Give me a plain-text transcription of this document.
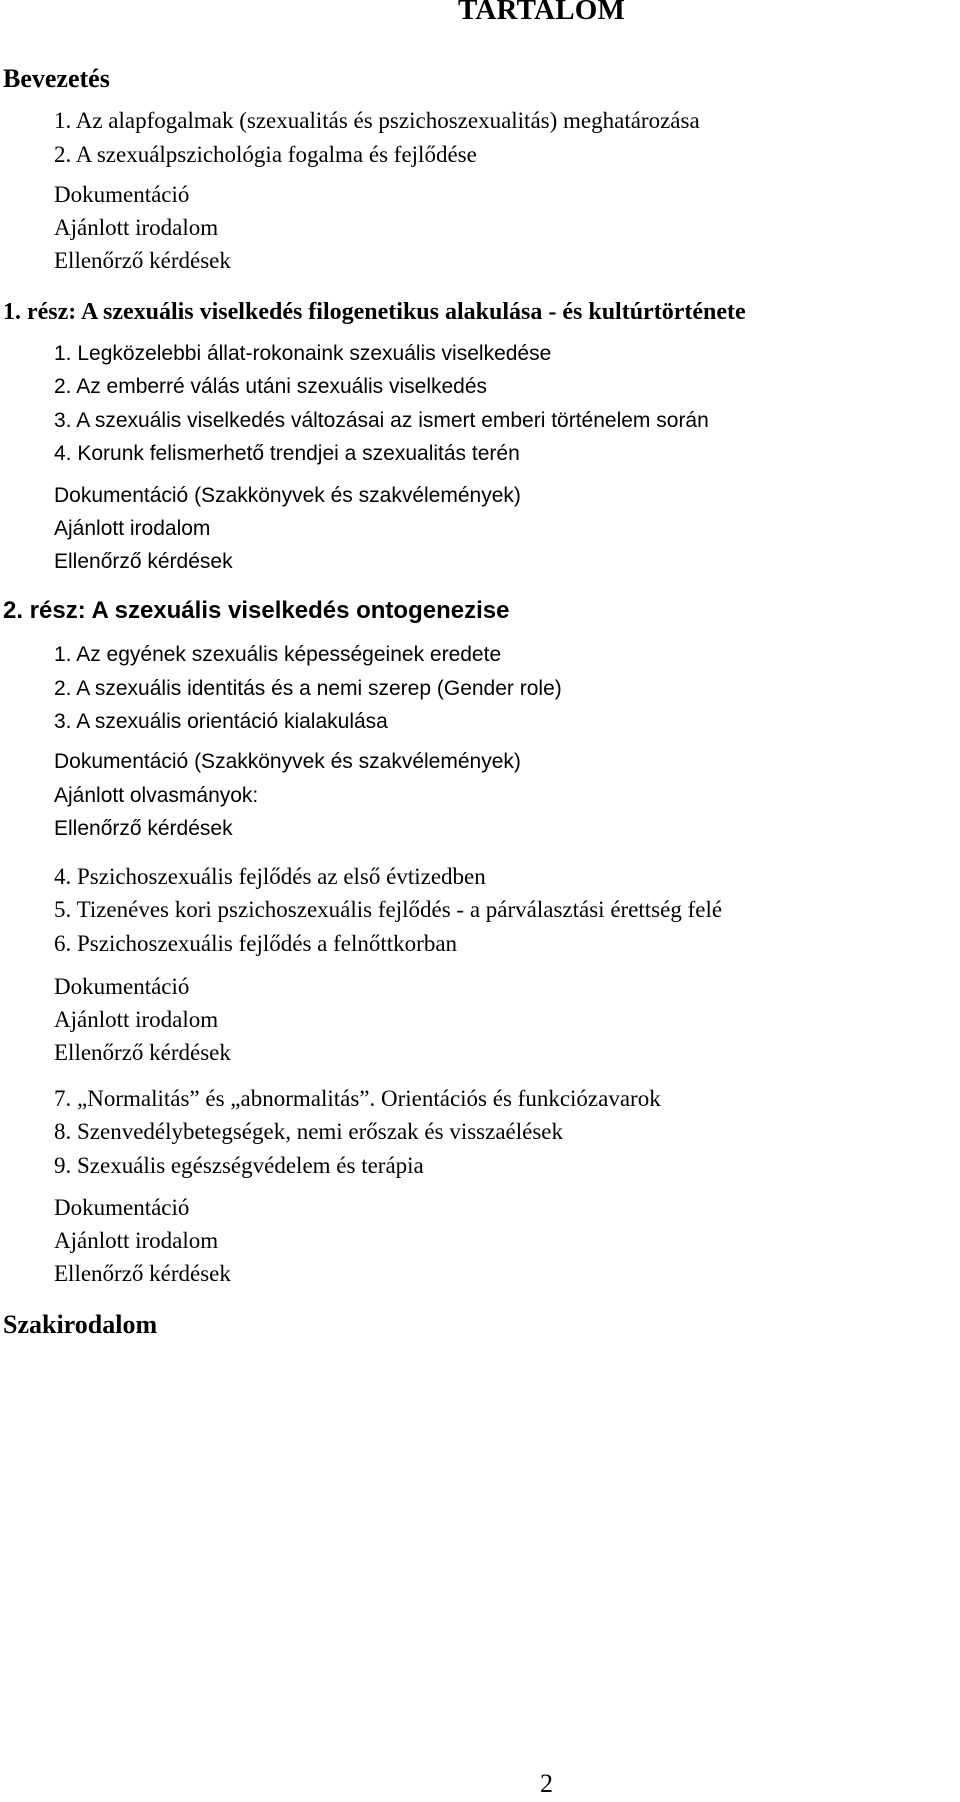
TARTALOM
Bevezetés
1. Az alapfogalmak (szexualitás és pszichoszexualitás) meghatározása
2. A szexuálpszichológia fogalma és fejlődése
Dokumentáció
Ajánlott irodalom
Ellenőrző kérdések
1. rész: A szexuális viselkedés filogenetikus alakulása - és kultúrtörténete
1. Legközelebbi állat-rokonaink szexuális viselkedése
2. Az emberré válás utáni szexuális viselkedés
3. A szexuális viselkedés változásai az ismert emberi történelem során
4. Korunk felismerhető trendjei a szexualitás terén
Dokumentáció (Szakkönyvek és szakvélemények)
Ajánlott irodalom
Ellenőrző kérdések
2. rész: A szexuális viselkedés ontogenezise
1. Az egyének szexuális képességeinek eredete
2. A szexuális identitás és a nemi szerep (Gender role)
3. A szexuális orientáció kialakulása
Dokumentáció (Szakkönyvek és szakvélemények)
Ajánlott olvasmányok:
Ellenőrző kérdések
4. Pszichoszexuális fejlődés az első évtizedben
5. Tizenéves kori pszichoszexuális fejlődés - a párválasztási érettség felé
6. Pszichoszexuális fejlődés a felnőttkorban
Dokumentáció
Ajánlott irodalom
Ellenőrző kérdések
7. „Normalitás” és „abnormalitás”. Orientációs és funkciózavarok
8. Szenvedélybetegségek, nemi erőszak és visszaélések
9. Szexuális egészségvédelem és terápia
Dokumentáció
Ajánlott irodalom
Ellenőrző kérdések
Szakirodalom
2
